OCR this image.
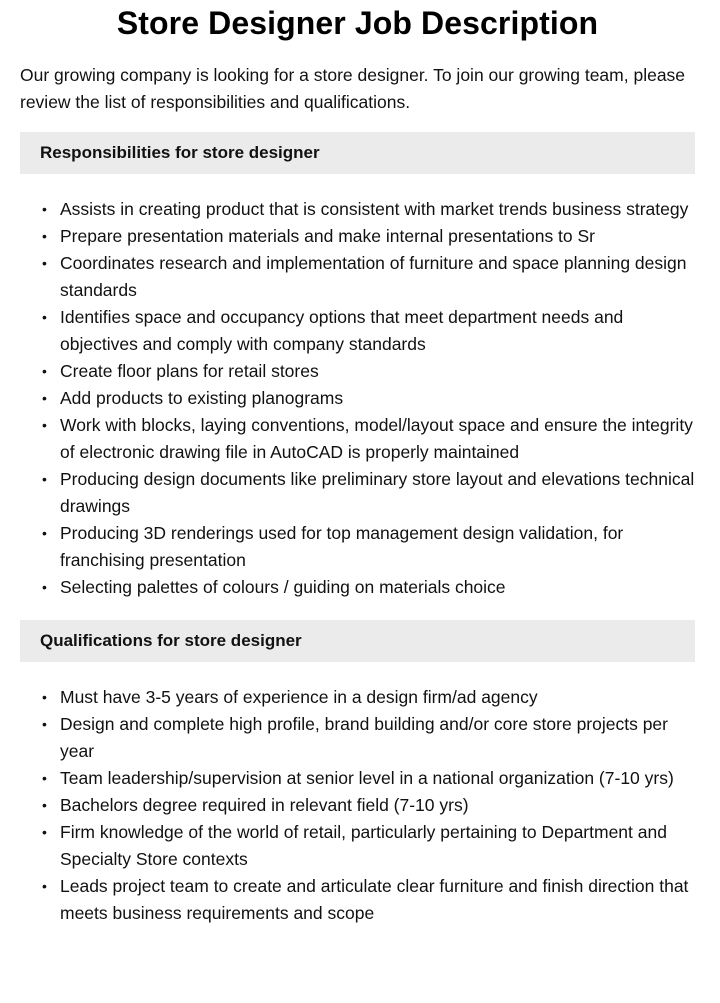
Store Designer Job Description

Our growing company is looking for a store designer. To join our growing team, please review the list of responsibilities and qualifications.

Responsibilities for store designer
• Assists in creating product that is consistent with market trends business strategy
• Prepare presentation materials and make internal presentations to Sr
• Coordinates research and implementation of furniture and space planning design standards
• Identifies space and occupancy options that meet department needs and objectives and comply with company standards
• Create floor plans for retail stores
• Add products to existing planograms
• Work with blocks, laying conventions, model/layout space and ensure the integrity of electronic drawing file in AutoCAD is properly maintained
• Producing design documents like preliminary store layout and elevations technical drawings
• Producing 3D renderings used for top management design validation, for franchising presentation
• Selecting palettes of colours / guiding on materials choice
Qualifications for store designer
• Must have 3-5 years of experience in a design firm/ad agency
• Design and complete high profile, brand building and/or core store projects per year
• Team leadership/supervision at senior level in a national organization (7-10 yrs)
• Bachelors degree required in relevant field (7-10 yrs)
• Firm knowledge of the world of retail, particularly pertaining to Department and Specialty Store contexts
• Leads project team to create and articulate clear furniture and finish direction that meets business requirements and scope
